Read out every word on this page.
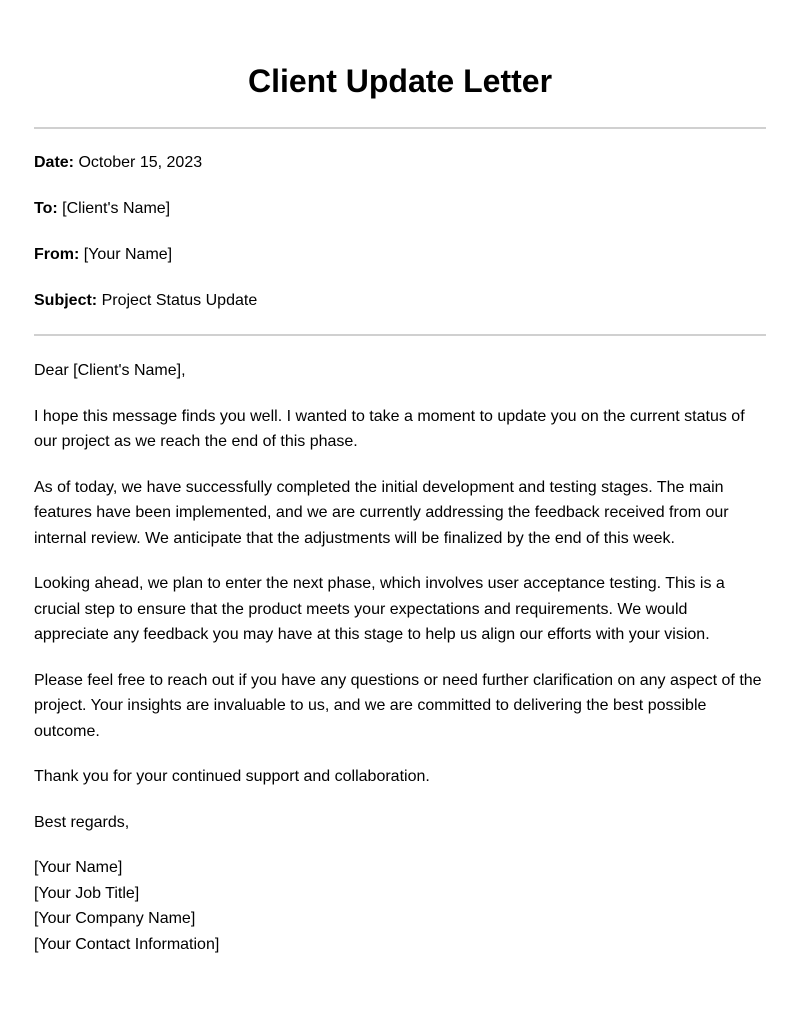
Client Update Letter
Date: October 15, 2023
To: [Client's Name]
From: [Your Name]
Subject: Project Status Update

Dear [Client's Name],

I hope this message finds you well. I wanted to take a moment to update you on the current status of our project as we reach the end of this phase.

As of today, we have successfully completed the initial development and testing stages. The main features have been implemented, and we are currently addressing the feedback received from our internal review. We anticipate that the adjustments will be finalized by the end of this week.

Looking ahead, we plan to enter the next phase, which involves user acceptance testing. This is a crucial step to ensure that the product meets your expectations and requirements. We would appreciate any feedback you may have at this stage to help us align our efforts with your vision.

Please feel free to reach out if you have any questions or need further clarification on any aspect of the project. Your insights are invaluable to us, and we are committed to delivering the best possible outcome.

Thank you for your continued support and collaboration.

Best regards,

[Your Name]
[Your Job Title]
[Your Company Name]
[Your Contact Information]
